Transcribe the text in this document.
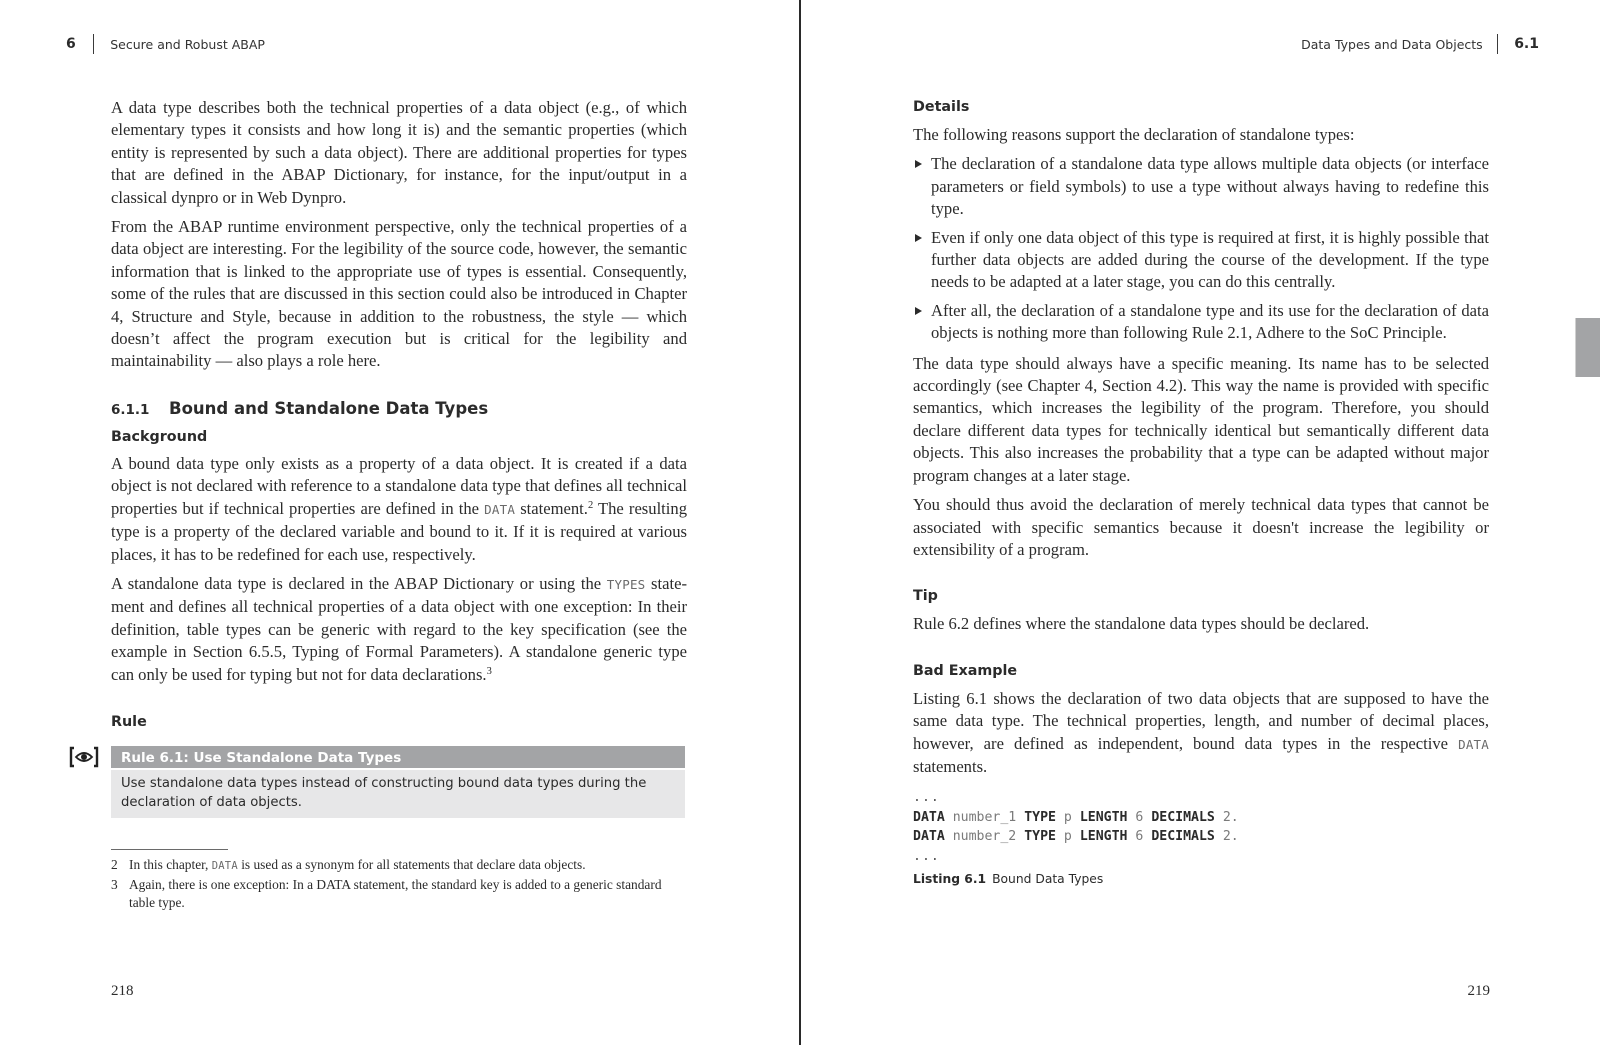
6	Secure and Robust ABAP

A data type describes both the technical properties of a data object (e.g., of which elementary types it consists and how long it is) and the semantic properties (which entity is represented by such a data object). There are additional properties for types that are defined in the ABAP Dictionary, for instance, for the input/output in a classical dynpro or in Web Dynpro.

From the ABAP runtime environment perspective, only the technical properties of a data object are interesting. For the legibility of the source code, however, the semantic information that is linked to the appropriate use of types is essential. Consequently, some of the rules that are discussed in this section could also be introduced in Chapter 4, Structure and Style, because in addition to the robustness, the style — which doesn’t affect the program execution but is critical for the legibility and maintainability — also plays a role here.

6.1.1	Bound and Standalone Data Types
Background

A bound data type only exists as a property of a data object. It is created if a data object is not declared with reference to a standalone data type that defines all technical properties but if technical properties are defined in the DATA statement.$^2$ The resulting type is a property of the declared variable and bound to it. If it is required at various places, it has to be redefined for each use, respectively.

A standalone data type is declared in the ABAP Dictionary or using the TYPES statement and defines all technical properties of a data object with one exception: In their definition, table types can be generic with regard to the key specification (see the example in Section 6.5.5, Typing of Formal Parameters). A standalone generic type can only be used for typing but not for data declarations.$^3$

Rule
Rule 6.1: Use Standalone Data Types
Use standalone data types instead of constructing bound data types during the declaration of data objects.
2 In this chapter, DATA is used as a synonym for all statements that declare data objects.
3 Again, there is one exception: In a DATA statement, the standard key is added to a generic standard table type.
218
Data Types and Data Objects 6.1
Details

The following reasons support the declaration of standalone types:

The declaration of a standalone data type allows multiple data objects (or interface parameters or field symbols) to use a type without always having to redefine this type.
Even if only one data object of this type is required at first, it is highly possible that further data objects are added during the course of the development. If the type needs to be adapted at a later stage, you can do this centrally.
After all, the declaration of a standalone type and its use for the declaration of data objects is nothing more than following Rule 2.1, Adhere to the SoC Principle.

The data type should always have a specific meaning. Its name has to be selected accordingly (see Chapter 4, Section 4.2). This way the name is provided with specific semantics, which increases the legibility of the program. Therefore, you should declare different data types for technically identical but semantically different data objects. This also increases the probability that a type can be adapted without major program changes at a later stage.

You should thus avoid the declaration of merely technical data types that cannot be associated with specific semantics because it doesn't increase the legibility or extensibility of a program.

Tip

Rule 6.2 defines where the standalone data types should be declared.

Bad Example

Listing 6.1 shows the declaration of two data objects that are supposed to have the same data type. The technical properties, length, and number of decimal places, however, are defined as independent, bound data types in the respective DATA statements.

...
DATA number_1 TYPE p LENGTH 6 DECIMALS 2.
DATA number_2 TYPE p LENGTH 6 DECIMALS 2.
...
Listing 6.1 Bound Data Types
219
